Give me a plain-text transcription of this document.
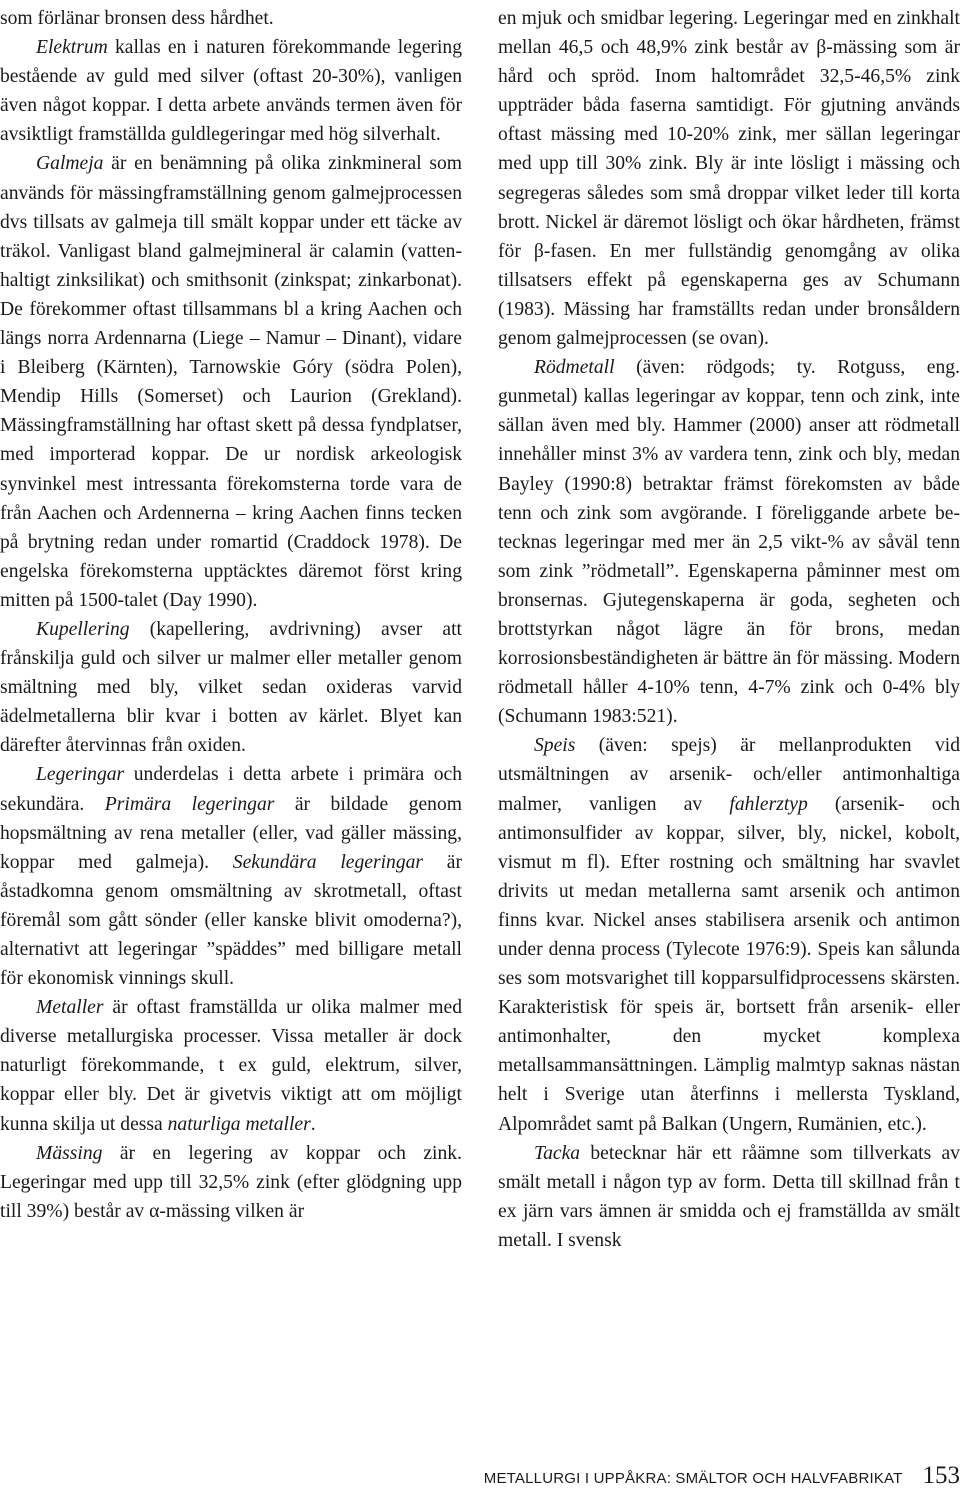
som förlänar bronsen dess hårdhet.

Elektrum kallas en i naturen förekommande legering bestående av guld med silver (oftast 20-30%), vanligen även något koppar. I detta arbete används termen även för avsiktligt framställda guldlegeringar med hög silverhalt.

Galmeja är en benämning på olika zinkmineral som används för mässingframställning genom galmejprocessen dvs tillsats av galmeja till smält koppar under ett täcke av träkol. Vanligast bland galmejmineral är calamin (vattenhaltigt zinksilikat) och smithsonit (zinkspat; zinkarbonat). De förekommer oftast tillsammans bl a kring Aachen och längs norra Ardennarna (Liege – Namur – Dinant), vidare i Bleiberg (Kärnten), Tarnowskie Góry (södra Polen), Mendip Hills (Somerset) och Laurion (Grekland). Mässingframställning har oftast skett på dessa fyndplatser, med importerad koppar. De ur nordisk arkeologisk synvinkel mest intressanta förekomsterna torde vara de från Aachen och Ardennerna – kring Aachen finns tecken på brytning redan under romartid (Craddock 1978). De engelska förekomsterna upptäcktes däremot först kring mitten på 1500-talet (Day 1990).

Kupellering (kapellering, avdrivning) avser att frånskilja guld och silver ur malmer eller metaller genom smältning med bly, vilket sedan oxideras varvid ädelmetallerna blir kvar i botten av kärlet. Blyet kan därefter återvinnas från oxiden.

Legeringar underdelas i detta arbete i primära och sekundära. Primära legeringar är bildade genom hopsmältning av rena metaller (eller, vad gäller mässing, koppar med galmeja). Sekundära legeringar är åstadkomna genom omsmältning av skrotmetall, oftast föremål som gått sönder (eller kanske blivit omoderna?), alternativt att legeringar ”späddes” med billigare metall för ekonomisk vinnings skull.

Metaller är oftast framställda ur olika malmer med diverse metallurgiska processer. Vissa metaller är dock naturligt förekommande, t ex guld, elektrum, silver, koppar eller bly. Det är givetvis viktigt att om möjligt kunna skilja ut dessa naturliga metaller.

Mässing är en legering av koppar och zink. Legeringar med upp till 32,5% zink (efter glödgning upp till 39%) består av α-mässing vilken är

en mjuk och smidbar legering. Legeringar med en zinkhalt mellan 46,5 och 48,9% zink består av β-mässing som är hård och spröd. Inom haltområdet 32,5-46,5% zink uppträder båda faserna samtidigt. För gjutning används oftast mässing med 10-20% zink, mer sällan legeringar med upp till 30% zink. Bly är inte lösligt i mässing och segregeras således som små droppar vilket leder till korta brott. Nickel är däremot lösligt och ökar hårdheten, främst för β-fasen. En mer fullständig genomgång av olika tillsatsers effekt på egenskaperna ges av Schumann (1983). Mässing har framställts redan under bronsåldern genom galmejprocessen (se ovan).

Rödmetall (även: rödgods; ty. Rotguss, eng. gunmetal) kallas legeringar av koppar, tenn och zink, inte sällan även med bly. Hammer (2000) anser att rödmetall innehåller minst 3% av vardera tenn, zink och bly, medan Bayley (1990:8) betraktar främst förekomsten av både tenn och zink som avgörande. I föreliggande arbete betecknas legeringar med mer än 2,5 vikt-% av såväl tenn som zink ”rödmetall”. Egenskaperna påminner mest om bronsernas. Gjutegenskaperna är goda, segheten och brottstyrkan något lägre än för brons, medan korrosionsbeständigheten är bättre än för mässing. Modern rödmetall håller 4-10% tenn, 4-7% zink och 0-4% bly (Schumann 1983:521).

Speis (även: spejs) är mellanprodukten vid utsmältningen av arsenik- och/eller antimonhaltiga malmer, vanligen av fahlerztyp (arsenik- och antimonsulfider av koppar, silver, bly, nickel, kobolt, vismut m fl). Efter rostning och smältning har svavlet drivits ut medan metallerna samt arsenik och antimon finns kvar. Nickel anses stabilisera arsenik och antimon under denna process (Tylecote 1976:9). Speis kan sålunda ses som motsvarighet till kopparsulfidprocessens skärsten. Karakteristisk för speis är, bortsett från arsenik- eller antimonhalter, den mycket komplexa metallsammansättningen. Lämplig malmtyp saknas nästan helt i Sverige utan återfinns i mellersta Tyskland, Alpområdet samt på Balkan (Ungern, Rumänien, etc.).

Tacka betecknar här ett råämne som tillverkats av smält metall i någon typ av form. Detta till skillnad från t ex järn vars ämnen är smidda och ej framställda av smält metall. I svensk

METALLURGI I UPPÅKRA: SMÄLTOR OCH HALVFABRIKAT 153
